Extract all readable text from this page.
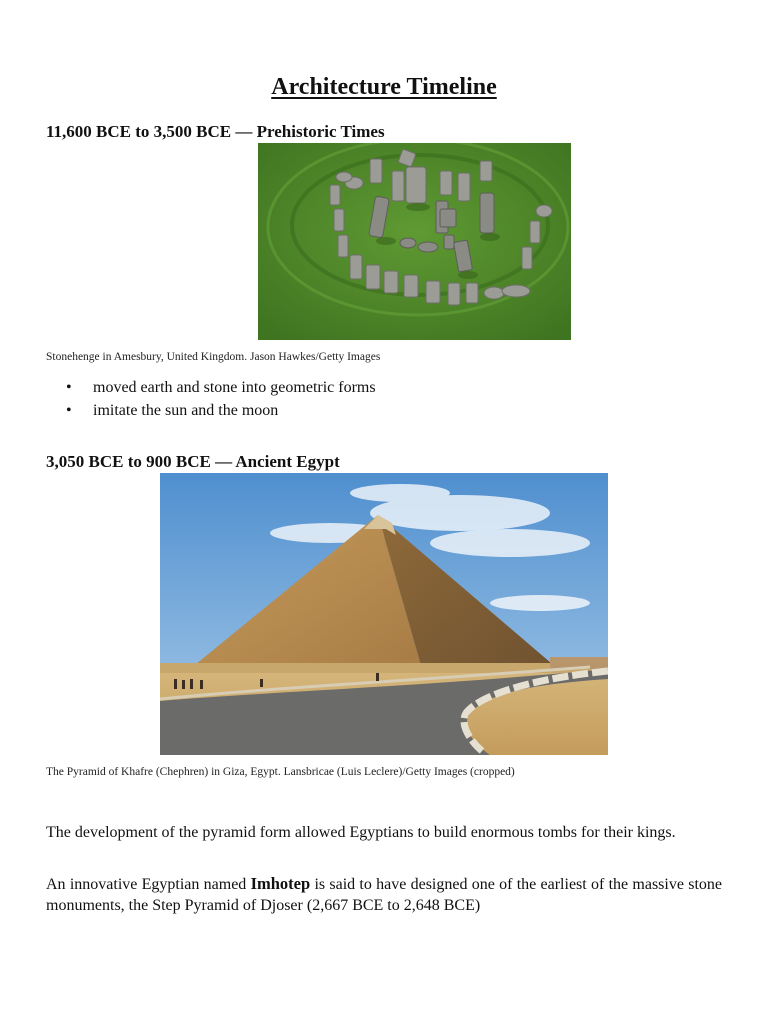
Architecture Timeline
11,600 BCE to 3,500 BCE — Prehistoric Times
Stonehenge in Amesbury, United Kingdom. Jason Hawkes/Getty Images
• moved earth and stone into geometric forms
• imitate the sun and the moon
3,050 BCE to 900 BCE — Ancient Egypt
The Pyramid of Khafre (Chephren) in Giza, Egypt. Lansbricae (Luis Leclere)/Getty Images (cropped)

The development of the pyramid form allowed Egyptians to build enormous tombs for their kings.

An innovative Egyptian named Imhotep is said to have designed one of the earliest of the massive stone monuments, the Step Pyramid of Djoser (2,667 BCE to 2,648 BCE)
